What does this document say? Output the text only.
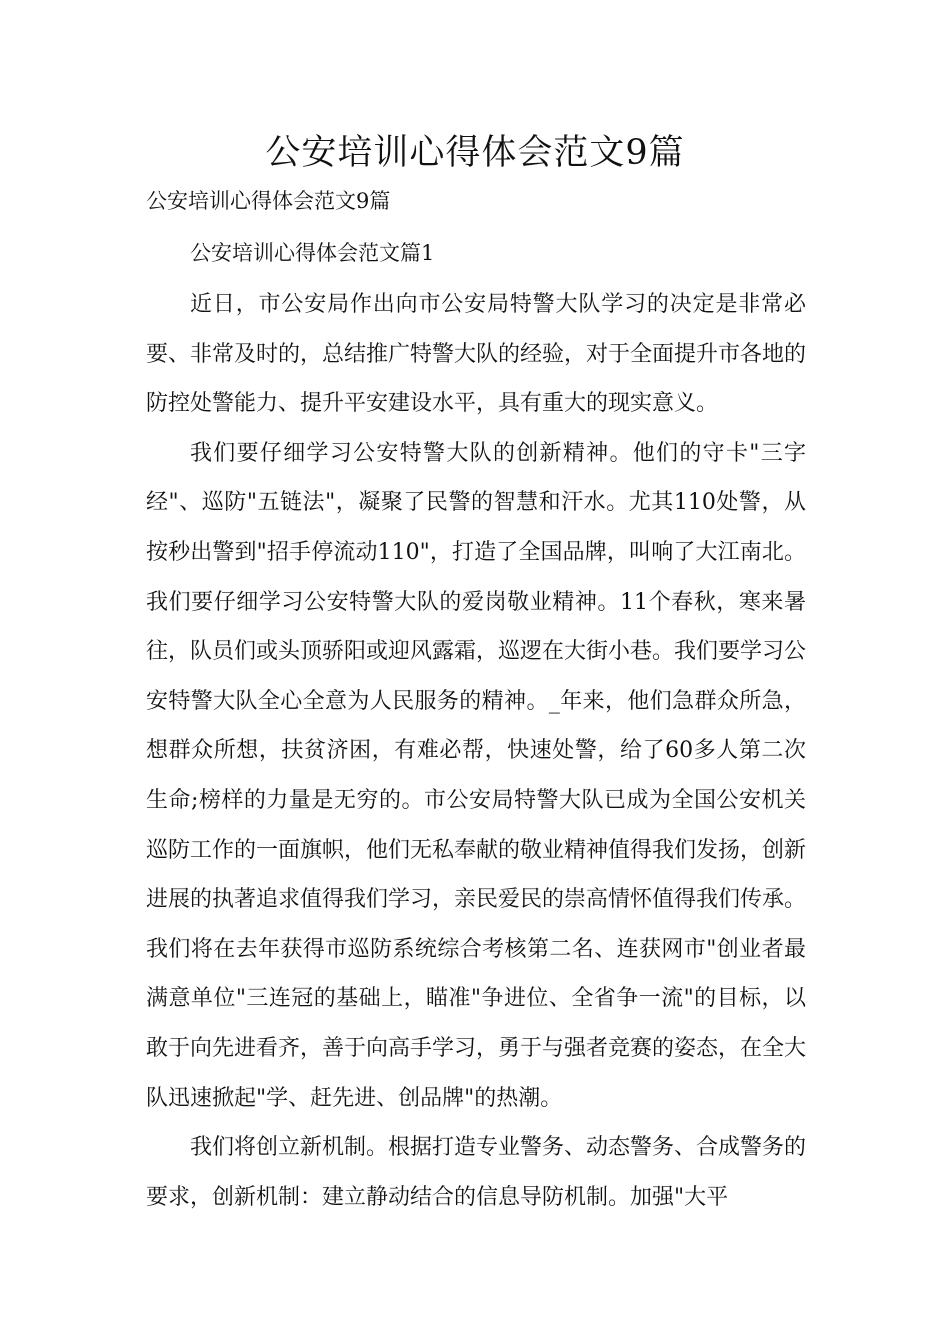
公安培训心得体会范文9篇

公安培训心得体会范文9篇

公安培训心得体会范文篇1

近日，市公安局作出向市公安局特警大队学习的决定是非常必要、非常及时的，总结推广特警大队的经验，对于全面提升市各地的防控处警能力、提升平安建设水平，具有重大的现实意义。

我们要仔细学习公安特警大队的创新精神。他们的守卡"三字经"、巡防"五链法"，凝聚了民警的智慧和汗水。尤其110处警，从按秒出警到"招手停流动110"，打造了全国品牌，叫响了大江南北。我们要仔细学习公安特警大队的爱岗敬业精神。11个春秋，寒来暑往，队员们或头顶骄阳或迎风露霜，巡逻在大街小巷。我们要学习公安特警大队全心全意为人民服务的精神。_年来，他们急群众所急，想群众所想，扶贫济困，有难必帮，快速处警，给了60多人第二次生命;榜样的力量是无穷的。市公安局特警大队已成为全国公安机关巡防工作的一面旗帜，他们无私奉献的敬业精神值得我们发扬，创新进展的执著追求值得我们学习，亲民爱民的崇高情怀值得我们传承。我们将在去年获得市巡防系统综合考核第二名、连获网市"创业者最满意单位"三连冠的基础上，瞄准"争进位、全省争一流"的目标，以敢于向先进看齐，善于向高手学习，勇于与强者竞赛的姿态，在全大队迅速掀起"学、赶先进、创品牌"的热潮。

我们将创立新机制。根据打造专业警务、动态警务、合成警务的要求，创新机制：建立静动结合的信息导防机制。加强"大平
